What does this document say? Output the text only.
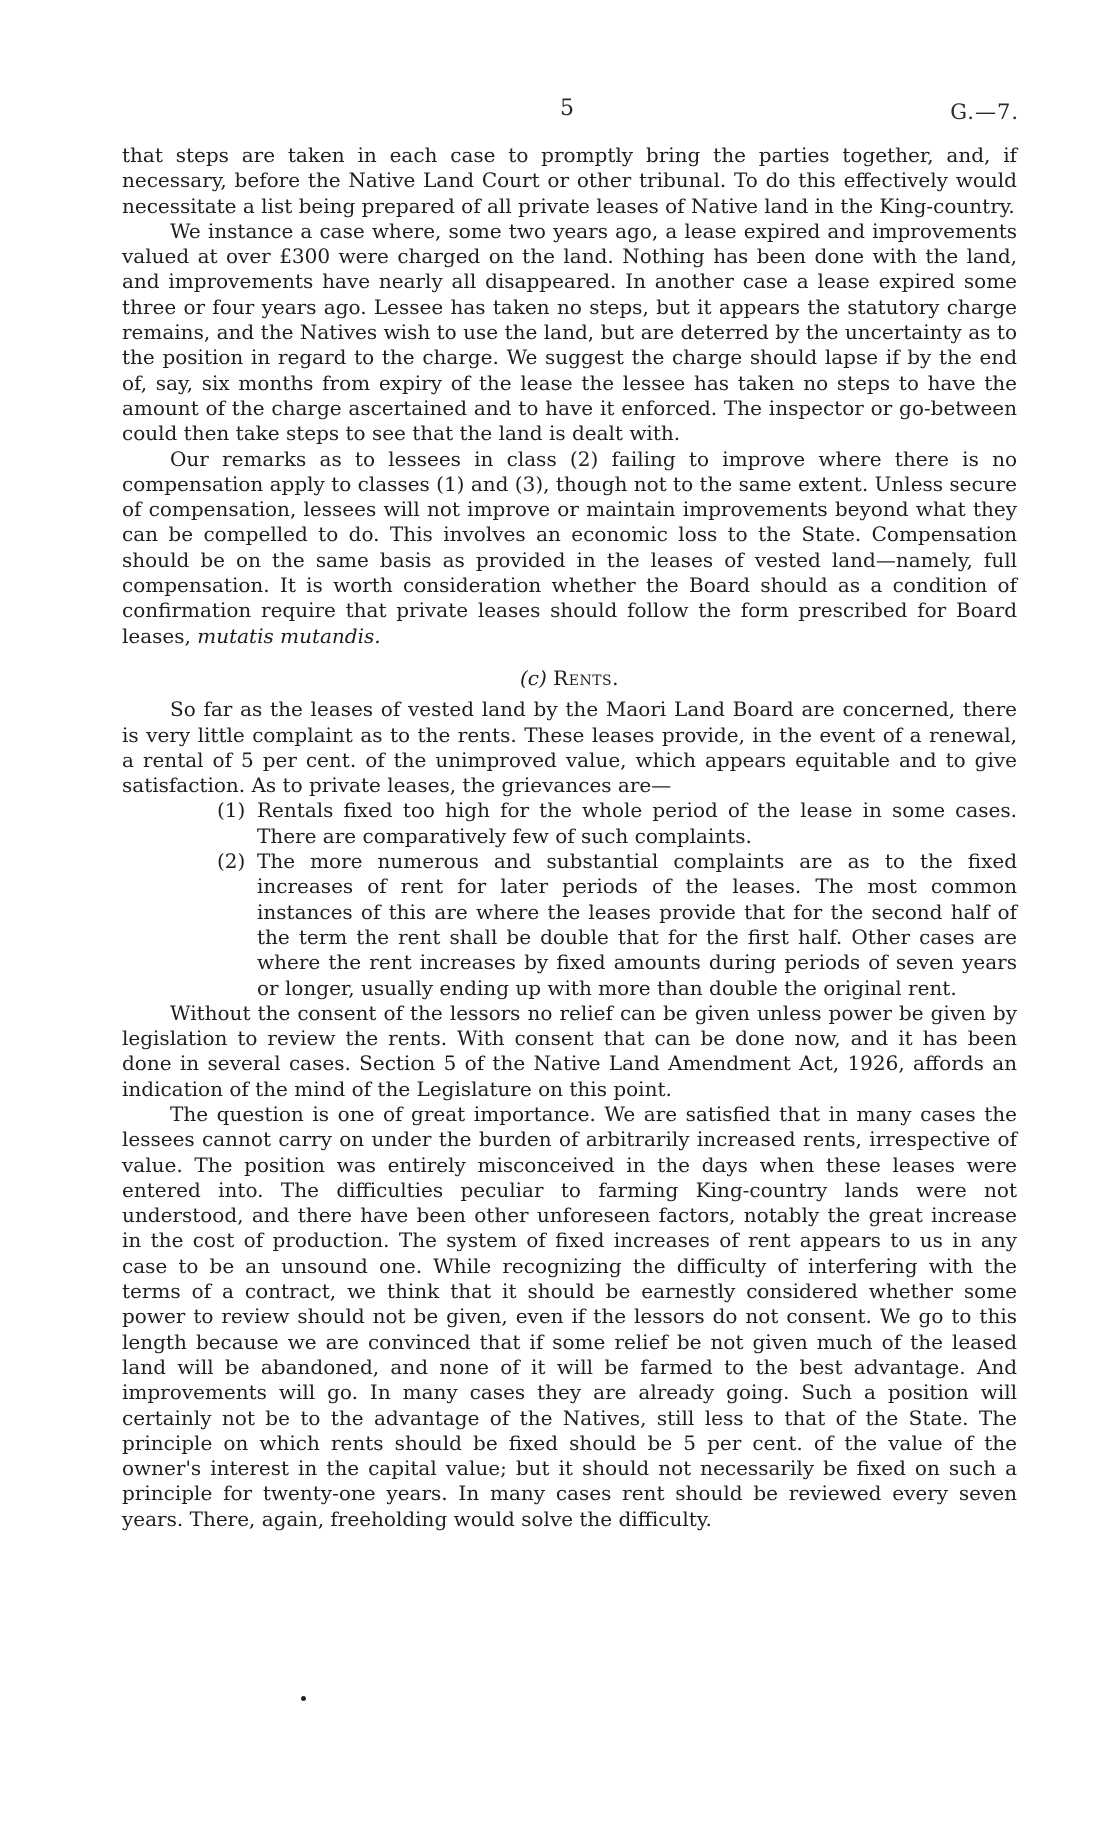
5	G.—7.

that steps are taken in each case to promptly bring the parties together, and, if necessary, before the Native Land Court or other tribunal. To do this effectively would necessitate a list being prepared of all private leases of Native land in the King-country.

We instance a case where, some two years ago, a lease expired and improvements valued at over £300 were charged on the land. Nothing has been done with the land, and improvements have nearly all disappeared. In another case a lease expired some three or four years ago. Lessee has taken no steps, but it appears the statutory charge remains, and the Natives wish to use the land, but are deterred by the uncertainty as to the position in regard to the charge. We suggest the charge should lapse if by the end of, say, six months from expiry of the lease the lessee has taken no steps to have the amount of the charge ascertained and to have it enforced. The inspector or go-between could then take steps to see that the land is dealt with.

Our remarks as to lessees in class (2) failing to improve where there is no compensation apply to classes (1) and (3), though not to the same extent. Unless secure of compensation, lessees will not improve or maintain improvements beyond what they can be compelled to do. This involves an economic loss to the State. Compensation should be on the same basis as provided in the leases of vested land—namely, full compensation. It is worth consideration whether the Board should as a condition of confirmation require that private leases should follow the form prescribed for Board leases, mutatis mutandis.

(c) Rents.

So far as the leases of vested land by the Maori Land Board are concerned, there is very little complaint as to the rents. These leases provide, in the event of a renewal, a rental of 5 per cent. of the unimproved value, which appears equitable and to give satisfaction. As to private leases, the grievances are—

(1) Rentals fixed too high for the whole period of the lease in some cases. There are comparatively few of such complaints.

(2) The more numerous and substantial complaints are as to the fixed increases of rent for later periods of the leases. The most common instances of this are where the leases provide that for the second half of the term the rent shall be double that for the first half. Other cases are where the rent increases by fixed amounts during periods of seven years or longer, usually ending up with more than double the original rent.

Without the consent of the lessors no relief can be given unless power be given by legislation to review the rents. With consent that can be done now, and it has been done in several cases. Section 5 of the Native Land Amendment Act, 1926, affords an indication of the mind of the Legislature on this point.

The question is one of great importance. We are satisfied that in many cases the lessees cannot carry on under the burden of arbitrarily increased rents, irrespective of value. The position was entirely misconceived in the days when these leases were entered into. The difficulties peculiar to farming King-country lands were not understood, and there have been other unforeseen factors, notably the great increase in the cost of production. The system of fixed increases of rent appears to us in any case to be an unsound one. While recognizing the difficulty of interfering with the terms of a contract, we think that it should be earnestly considered whether some power to review should not be given, even if the lessors do not consent. We go to this length because we are convinced that if some relief be not given much of the leased land will be abandoned, and none of it will be farmed to the best advantage. And improvements will go. In many cases they are already going. Such a position will certainly not be to the advantage of the Natives, still less to that of the State. The principle on which rents should be fixed should be 5 per cent. of the value of the owner's interest in the capital value; but it should not necessarily be fixed on such a principle for twenty-one years. In many cases rent should be reviewed every seven years. There, again, freeholding would solve the difficulty.
